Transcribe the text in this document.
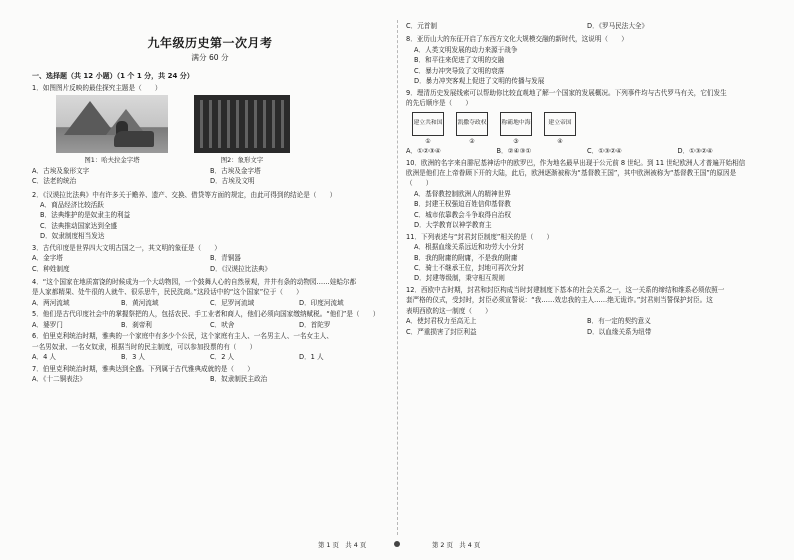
九年级历史第一次月考
满分 60 分
一、选择题（共 12 小题）（1 个 1 分，共 24 分）
1．如图图片反映的最佳探究主题是（　　）
图1：哈夫拉金字塔	图2：象形文字
A．古埃及象形文字	B．古埃及金字塔
C．法老的统治	D．古埃及文明
2．《汉谟拉比法典》中有许多关于赡养、遗产、交换、借贷等方面的规定，由此可得到的结论是（　　）
A．商品经济比较活跃
B．法典维护的是奴隶主的利益
C．法典推动国家达到全盛
D．奴隶制度相当发达
3．古代印度是世界四大文明古国之一，其文明的象征是（　　）
A．金字塔	B．青铜器
C．种姓制度	D．《汉谟拉比法典》
4．“这个国家在地质富饶的时候成为一个大动物园，一个鼓舞人心的自然景观，井井有条的动物园……娃蛤尔都
是人家都精果、处牛很的人就牛、很乐思牛，民民洗商。”这段话中的“这个国家”位于（　　）
A．两河流域	B．黄河流域	C．尼罗河流域	D．印度河流域
5．他们是古代印度社会中的掌握祭把的人，包括农民、手工业者和商人，他们必须向国家缴纳赋税。“他们”是（　　）
A．婆罗门	B．刹帝利	C．吠舍	D．首陀罗
6．伯里克利统治时期，雅典的一个家庭中有多少个公民，这个家庭有主人、一名男主人、一名女主人、
一名男奴隶、一名女奴隶，根据当时的民主制度，可以参加投票的有（　　）
A．4 人	B．3 人	C．2 人	D．1 人
7．伯里克利统治时期，雅典达到全盛。下列属于古代雅典成就的是（　　）
A．《十二铜表法》	B．奴隶制民主政治
C．元首制	D．《罗马民法大全》
8．亚历山大的东征开启了东西方文化大规模交融的新时代，这说明（　　）
A．人类文明发展的动力来源于战争
B．和平往来促进了文明的交融
C．暴力冲突导致了文明的衰落
D．暴力冲突客观上促进了文明的传播与发展
9．理清历史发展线索可以帮助你比较直观地了解一个国家的发展概况。下列事件均与古代罗马有关，它们发生
的先后顺序是（　　）
建立共和国	凯撒夺政权	称霸地中海	建立帝国
①	②	③	④
A．①②③④	B．②④③①	C．①③②④	D．①③②④
10．欧洲的名字来自腓尼基神话中的欧罗巴，作为地名最早出现于公元前 8 世纪。到 11 世纪欧洲人才普遍开始相信
欧洲是他们在上帝眷顾下开的大陆，此后，欧洲逐渐被称为“基督教王国”，其中欧洲被称为“基督教王国”的原因是
（　　）
A．基督教控制欧洲人的精神世界
B．封建王权强迫百姓信仰基督教
C．城市依靠教会斗争取得自治权
D．大学教育以神学教育主
11．下列表述与“封君封臣制度”相关的是（　　）
A．根据血缘关系远近和功劳大小分封
B．我的附庸的附庸，不是我的附庸
C．骑士不继承王位，封地可再次分封
D．封建等级制，秉守相互规则
12．西欧中古时期，封君和封臣构成当时封建制度下基本的社会关系之一，这一关系的缔结和维系必须依照一
套严格的仪式，受封时，封臣必须宣誓说：“我……效忠我的主人……绝无诡诈。”封君则当誓保护封臣。这
表明西欧的这一制度（　　）
A．使封君权力至高无上	B．有一定的契约意义
C．严重损害了封臣利益	D．以血缘关系为纽带
第 1 页　共 4 页	第 2 页　共 4 页
